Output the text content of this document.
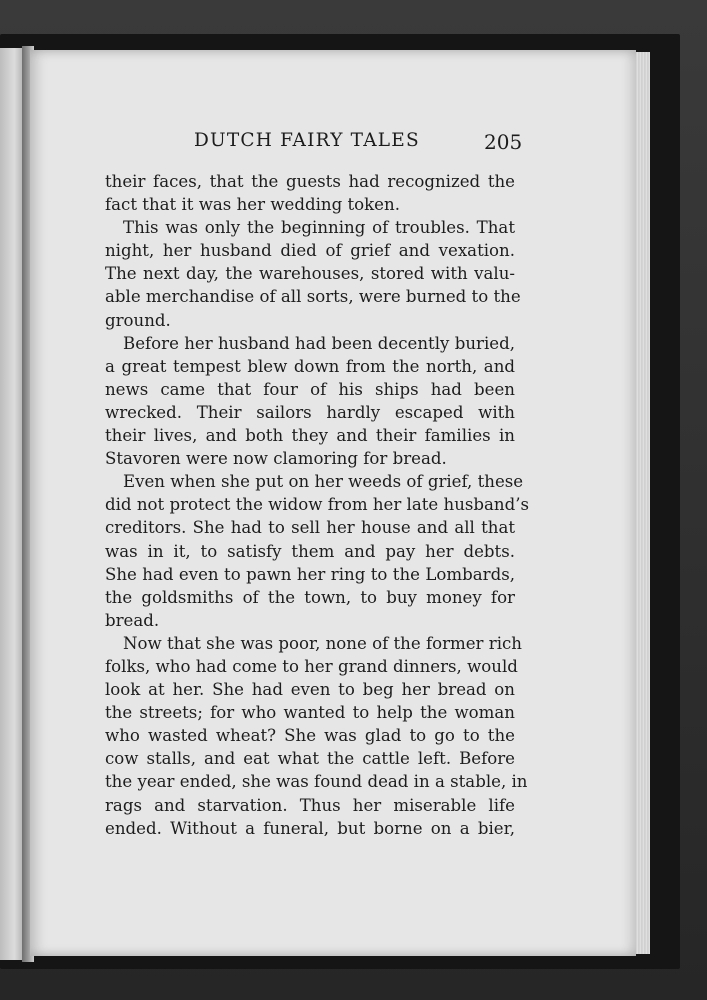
DUTCH FAIRY TALES	205
their faces, that the guests had recognized the
fact that it was her wedding token.
This was only the beginning of troubles. That
night, her husband died of grief and vexation.
The next day, the warehouses, stored with valu-
able merchandise of all sorts, were burned to the
ground.
Before her husband had been decently buried,
a great tempest blew down from the north, and
news came that four of his ships had been
wrecked. Their sailors hardly escaped with
their lives, and both they and their families in
Stavoren were now clamoring for bread.
Even when she put on her weeds of grief, these
did not protect the widow from her late husband’s
creditors. She had to sell her house and all that
was in it, to satisfy them and pay her debts.
She had even to pawn her ring to the Lombards,
the goldsmiths of the town, to buy money for
bread.
Now that she was poor, none of the former rich
folks, who had come to her grand dinners, would
look at her. She had even to beg her bread on
the streets; for who wanted to help the woman
who wasted wheat? She was glad to go to the
cow stalls, and eat what the cattle left. Before
the year ended, she was found dead in a stable, in
rags and starvation. Thus her miserable life
ended. Without a funeral, but borne on a bier,
